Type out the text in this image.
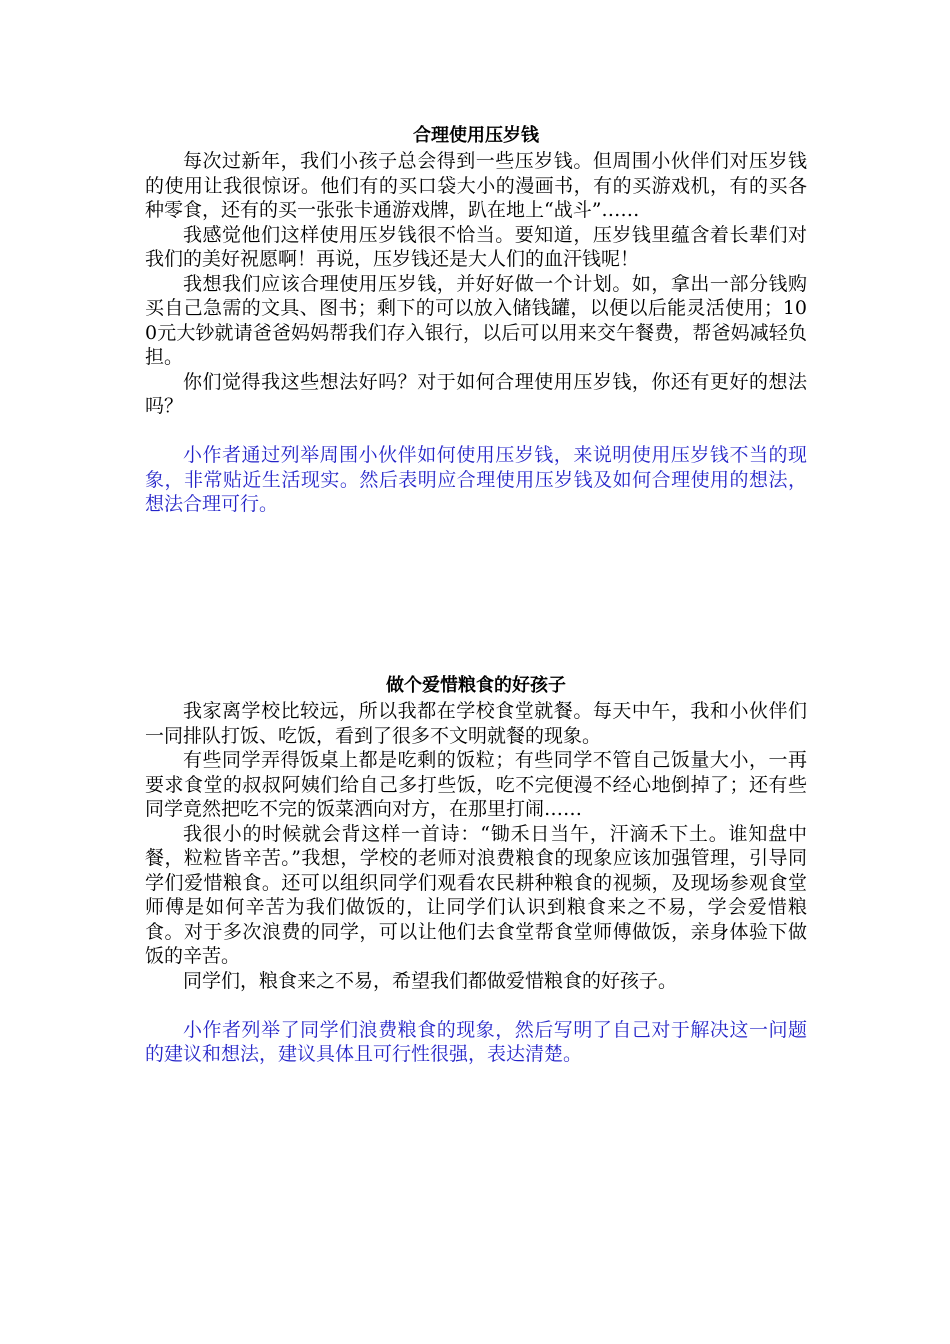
合理使用压岁钱

每次过新年，我们小孩子总会得到一些压岁钱。但周围小伙伴们对压岁钱的使用让我很惊讶。他们有的买口袋大小的漫画书，有的买游戏机，有的买各种零食，还有的买一张张卡通游戏牌，趴在地上“战斗”……

我感觉他们这样使用压岁钱很不恰当。要知道，压岁钱里蕴含着长辈们对我们的美好祝愿啊！再说，压岁钱还是大人们的血汗钱呢！

我想我们应该合理使用压岁钱，并好好做一个计划。如，拿出一部分钱购买自己急需的文具、图书；剩下的可以放入储钱罐，以便以后能灵活使用；100元大钞就请爸爸妈妈帮我们存入银行，以后可以用来交午餐费，帮爸妈减轻负担。

你们觉得我这些想法好吗？对于如何合理使用压岁钱，你还有更好的想法吗？

小作者通过列举周围小伙伴如何使用压岁钱，来说明使用压岁钱不当的现象，非常贴近生活现实。然后表明应合理使用压岁钱及如何合理使用的想法，想法合理可行。

做个爱惜粮食的好孩子

我家离学校比较远，所以我都在学校食堂就餐。每天中午，我和小伙伴们一同排队打饭、吃饭，看到了很多不文明就餐的现象。

有些同学弄得饭桌上都是吃剩的饭粒；有些同学不管自己饭量大小，一再要求食堂的叔叔阿姨们给自己多打些饭，吃不完便漫不经心地倒掉了；还有些同学竟然把吃不完的饭菜洒向对方，在那里打闹……

我很小的时候就会背这样一首诗：“锄禾日当午，汗滴禾下土。谁知盘中餐，粒粒皆辛苦。”我想，学校的老师对浪费粮食的现象应该加强管理，引导同学们爱惜粮食。还可以组织同学们观看农民耕种粮食的视频，及现场参观食堂师傅是如何辛苦为我们做饭的，让同学们认识到粮食来之不易，学会爱惜粮食。对于多次浪费的同学，可以让他们去食堂帮食堂师傅做饭，亲身体验下做饭的辛苦。

同学们，粮食来之不易，希望我们都做爱惜粮食的好孩子。

小作者列举了同学们浪费粮食的现象，然后写明了自己对于解决这一问题的建议和想法，建议具体且可行性很强，表达清楚。
